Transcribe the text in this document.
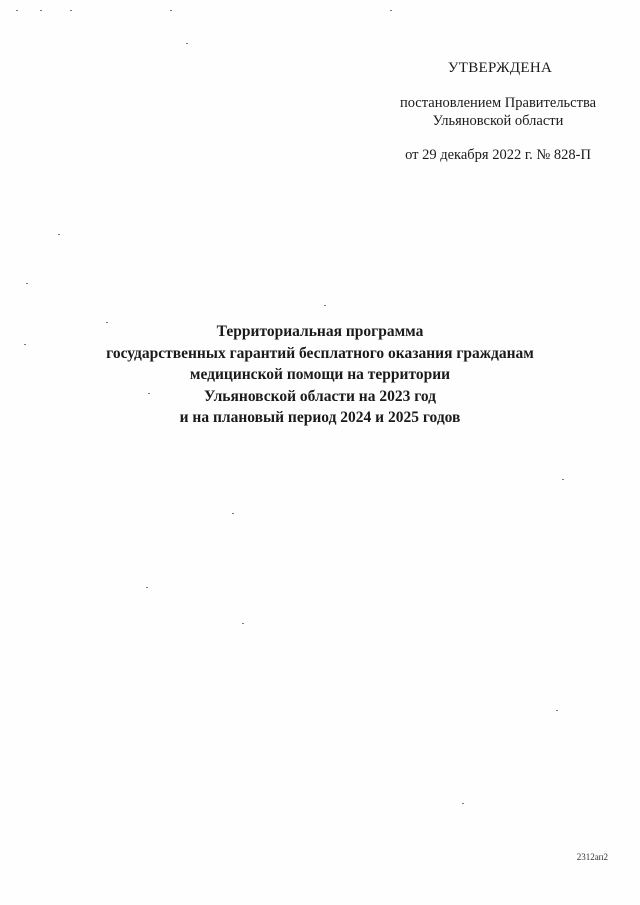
УТВЕРЖДЕНА
постановлением Правительства
Ульяновской области
от 29 декабря 2022 г. № 828-П
Территориальная программа
государственных гарантий бесплатного оказания гражданам
медицинской помощи на территории
Ульяновской области на 2023 год
и на плановый период 2024 и 2025 годов
2312ап2
